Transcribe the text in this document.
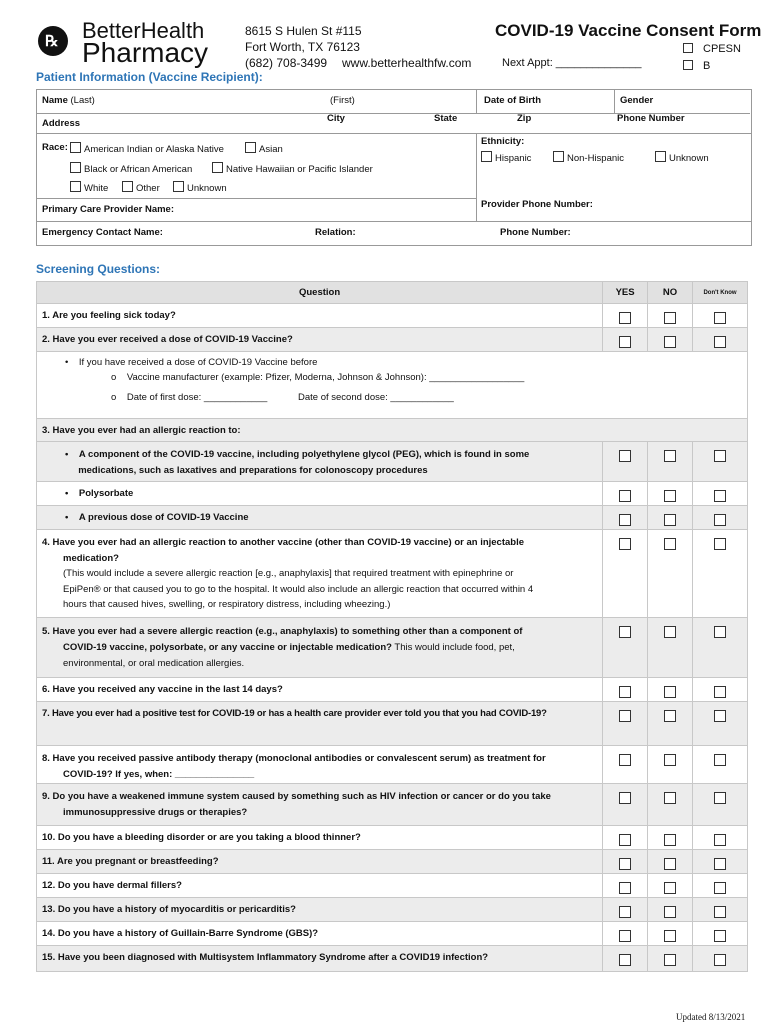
℞ BetterHealth
Pharmacy
8615 S Hulen St #115
Fort Worth, TX 76123
(682) 708-3499 www.betterhealthfw.com
COVID-19 Vaccine Consent Form
Next Appt: ______________
CPESN
B
Patient Information (Vaccine Recipient):
Name (Last)	(First)	Date of Birth	Gender
Address	City	State	Zip	Phone Number
Race:	American Indian or Alaska Native	Asian
Black or African American	Native Hawaiian or Pacific Islander
White	Other	Unknown
Ethnicity:
Hispanic	Non-Hispanic	Unknown
Primary Care Provider Name:	Provider Phone Number:
Emergency Contact Name:	Relation:	Phone Number:
Screening Questions:
Question	YES	NO	Don't Know
1. Are you feeling sick today?			
2. Have you ever received a dose of COVID-19 Vaccine?			

•    If you have received a dose of COVID-19 Vaccine before
o    Vaccine manufacturer (example: Pfizer, Moderna, Johnson & Johnson): __________________
o    Date of first dose: ____________ Date of second dose: ____________			

3. Have you ever had an allergic reaction to:			
•    A component of the COVID-19 vaccine, including polyethylene glycol (PEG), which is found in some
medications, such as laxatives and preparations for colonoscopy procedures			
•    Polysorbate			
•    A previous dose of COVID-19 Vaccine			
4. Have you ever had an allergic reaction to another vaccine (other than COVID-19 vaccine) or an injectable
medication?
(This would include a severe allergic reaction [e.g., anaphylaxis] that required treatment with epinephrine or
EpiPen® or that caused you to go to the hospital. It would also include an allergic reaction that occurred within 4
hours that caused hives, swelling, or respiratory distress, including wheezing.)			
5. Have you ever had a severe allergic reaction (e.g., anaphylaxis) to something other than a component of
COVID-19 vaccine, polysorbate, or any vaccine or injectable medication? This would include food, pet,
environmental, or oral medication allergies.			
6. Have you received any vaccine in the last 14 days?			
7. Have you ever had a positive test for COVID-19 or has a health care provider ever told you that you had COVID-19?			
8. Have you received passive antibody therapy (monoclonal antibodies or convalescent serum) as treatment for
COVID-19? If yes, when: _______________			
9. Do you have a weakened immune system caused by something such as HIV infection or cancer or do you take
immunosuppressive drugs or therapies?			
10. Do you have a bleeding disorder or are you taking a blood thinner?			
11. Are you pregnant or breastfeeding?			
12. Do you have dermal fillers?			
13. Do you have a history of myocarditis or pericarditis?			
14. Do you have a history of Guillain-Barre Syndrome (GBS)?			
15. Have you been diagnosed with Multisystem Inflammatory Syndrome after a COVID19 infection?			
Updated 8/13/2021
